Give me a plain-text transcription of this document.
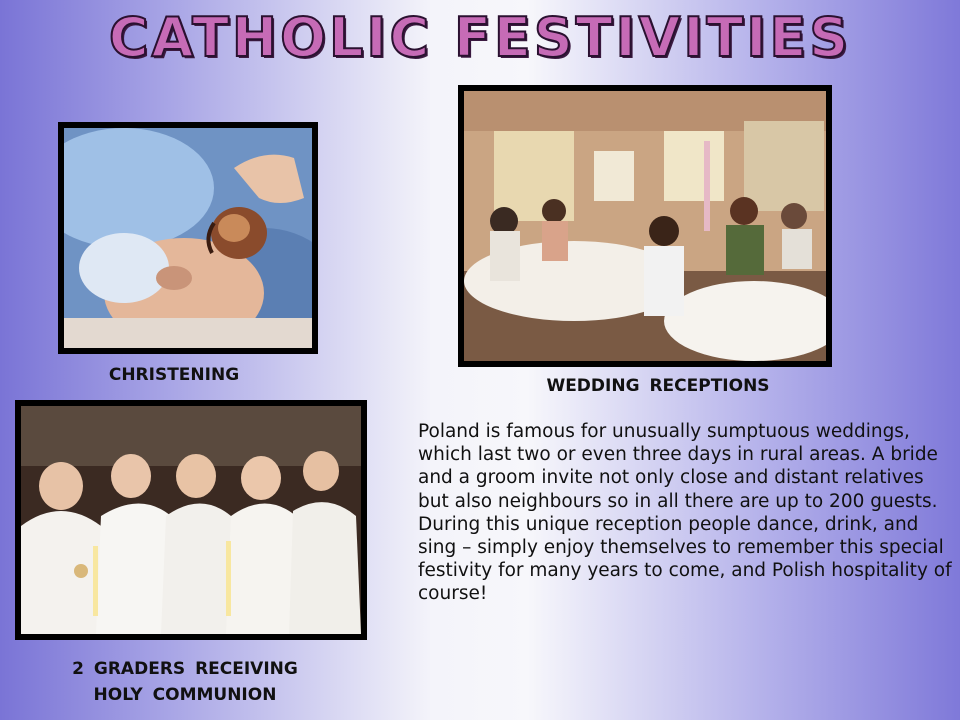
CATHOLIC FESTIVITIES
CHRISTENING
WEDDING RECEPTIONS
2 GRADERS RECEIVING
HOLY COMMUNION
Poland is famous for unusually sumptuous weddings, which last two or even three days in rural areas. A bride and a groom invite not only close and distant relatives but also neighbours so in all there are up to 200 guests. During this unique reception people dance, drink, and sing – simply enjoy themselves to remember this special festivity for many years to come, and Polish hospitality of course!
